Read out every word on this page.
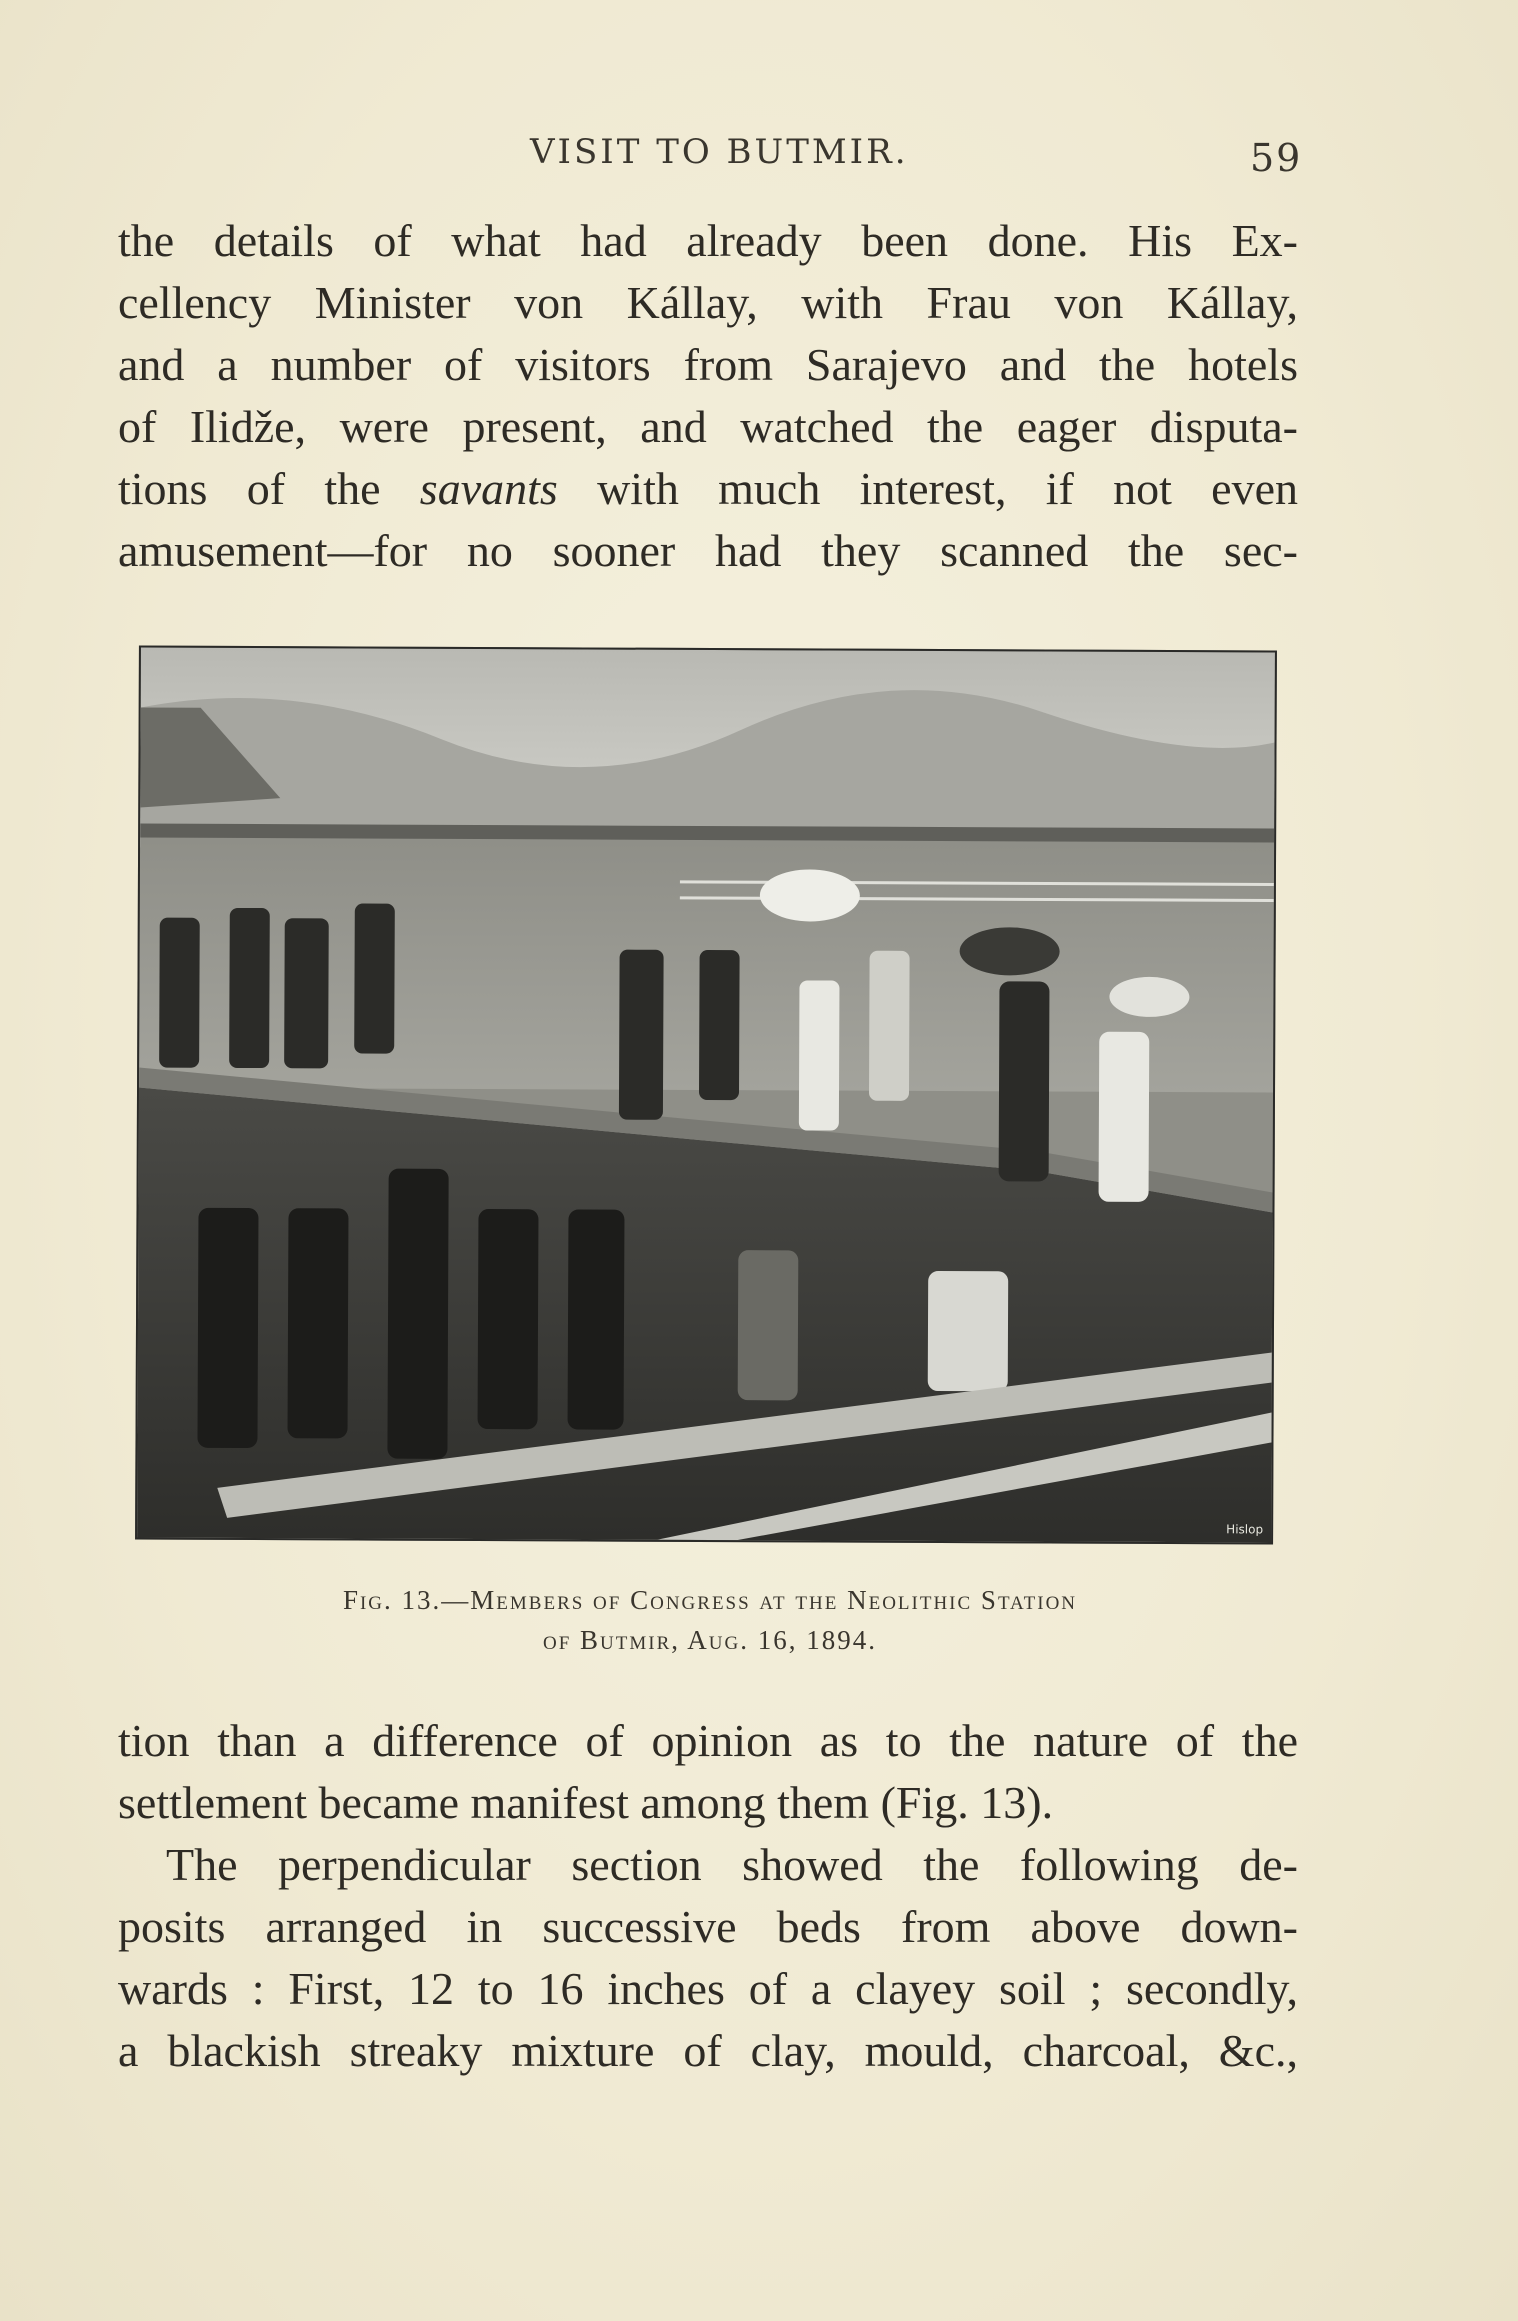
VISIT TO BUTMIR.	59

the details of what had already been done. His Ex-

cellency Minister von Kállay, with Frau von Kállay,

and a number of visitors from Sarajevo and the hotels

of Ilidže, were present, and watched the eager disputa-

tions of the savants with much interest, if not even

amusement—for no sooner had they scanned the sec-

Hislop
Fig. 13.—Members of Congress at the Neolithic Station
of Butmir, Aug. 16, 1894.

tion than a difference of opinion as to the nature of the

settlement became manifest among them (Fig. 13).

The perpendicular section showed the following de-

posits arranged in successive beds from above down-

wards : First, 12 to 16 inches of a clayey soil ; secondly,

a blackish streaky mixture of clay, mould, charcoal, &c.,
